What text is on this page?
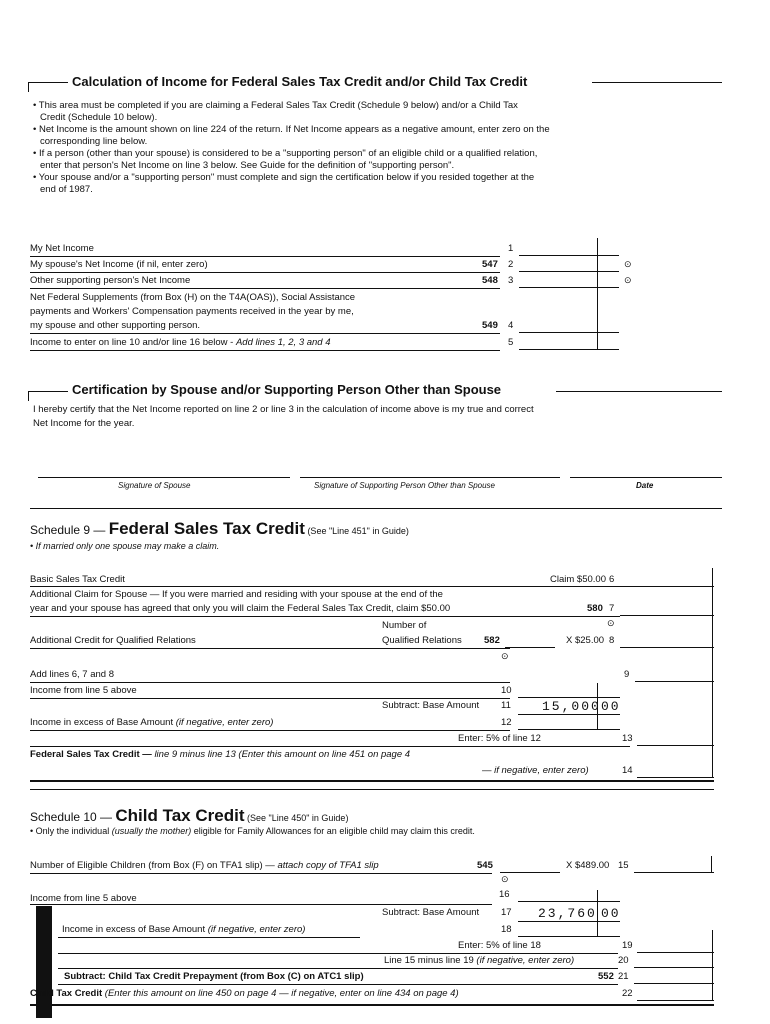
Calculation of Income for Federal Sales Tax Credit and/or Child Tax Credit
• This area must be completed if you are claiming a Federal Sales Tax Credit (Schedule 9 below) and/or a Child Tax
Credit (Schedule 10 below).
• Net Income is the amount shown on line 224 of the return. If Net Income appears as a negative amount, enter zero on the
corresponding line below.
• If a person (other than your spouse) is considered to be a "supporting person" of an eligible child or a qualified relation,
enter that person's Net Income on line 3 below. See Guide for the definition of "supporting person".
• Your spouse and/or a "supporting person" must complete and sign the certification below if you resided together at the
end of 1987.
My Net Income	1
My spouse's Net Income (if nil, enter zero)	547 2	⊙
Other supporting person's Net Income	548 3	⊙
Net Federal Supplements (from Box (H) on the T4A(OAS)), Social Assistance
payments and Workers' Compensation payments received in the year by me,
my spouse and other supporting person.	549 4
Income to enter on line 10 and/or line 16 below - Add lines 1, 2, 3 and 4	5
Certification by Spouse and/or Supporting Person Other than Spouse
I hereby certify that the Net Income reported on line 2 or line 3 in the calculation of income above is my true and correct
Net Income for the year.
Signature of Spouse	Signature of Supporting Person Other than Spouse	Date
Schedule 9 — Federal Sales Tax Credit (See "Line 451" in Guide)
• If married only one spouse may make a claim.
Basic Sales Tax Credit	Claim $50.00 6
Additional Claim for Spouse — If you were married and residing with your spouse at the end of the
year and your spouse has agreed that only you will claim the Federal Sales Tax Credit, claim $50.00	580 7
Number of	⊙
Additional Credit for Qualified Relations	Qualified Relations 582	X $25.00 8
⊙
Add lines 6, 7 and 8	9
Income from line 5 above	10
Subtract: Base Amount 11 15,000 00
Income in excess of Base Amount (if negative, enter zero)	12
Enter: 5% of line 12	13
Federal Sales Tax Credit — line 9 minus line 13 (Enter this amount on line 451 on page 4
— if negative, enter zero)	14
Schedule 10 — Child Tax Credit (See "Line 450" in Guide)
• Only the individual (usually the mother) eligible for Family Allowances for an eligible child may claim this credit.
Number of Eligible Children (from Box (F) on TFA1 slip) — attach copy of TFA1 slip	545	X $489.00 15
⊙
Income from line 5 above	16
Subtract: Base Amount 17 23,760 00
Income in excess of Base Amount (if negative, enter zero)	18
Enter: 5% of line 18	19
Line 15 minus line 19 (if negative, enter zero)	20
Subtract: Child Tax Credit Prepayment (from Box (C) on ATC1 slip)	552 21
Child Tax Credit (Enter this amount on line 450 on page 4 — if negative, enter on line 434 on page 4)	22
